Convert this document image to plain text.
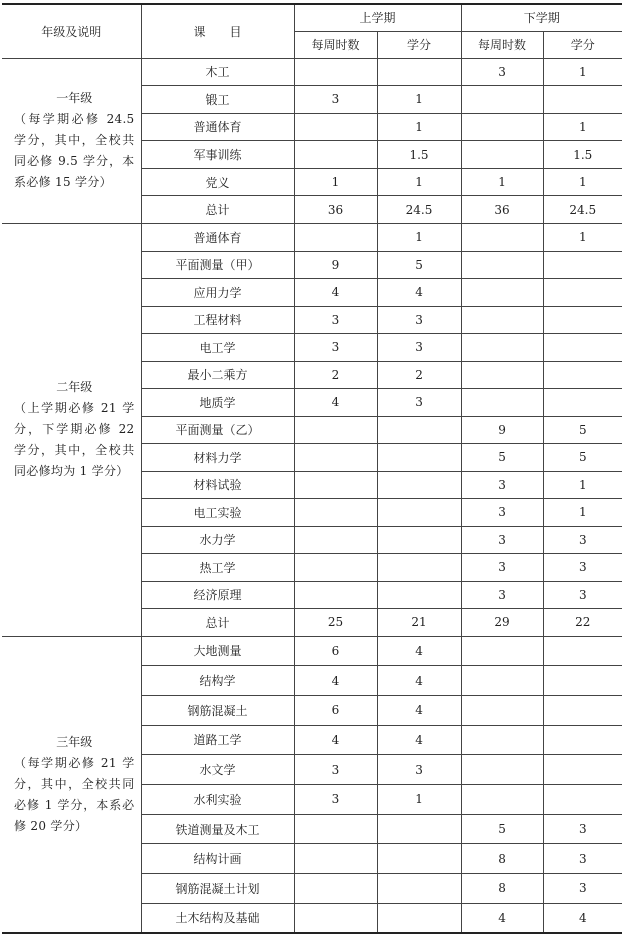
年级及说明	课　　目	上学期		下学期	
		每周时数	学分	每周时数	学分

一年级
（每学期必修 24.5 学分，其中，全校共同必修 9.5 学分，本系必修 15 学分）	木工			3	1
	锻工	3	1		
	普通体育		1		1
	军事训练		1.5		1.5
	党义	1	1	1	1
	总计	36	24.5	36	24.5

二年级
（上学期必修 21 学分，下学期必修 22 学分，其中，全校共同必修均为 1 学分）	普通体育		1		1
	平面测量（甲）	9	5		
	应用力学	4	4		
	工程材料	3	3		
	电工学	3	3		
	最小二乘方	2	2		
	地质学	4	3		
	平面测量（乙）			9	5
	材料力学			5	5
	材料试验			3	1
	电工实验			3	1
	水力学			3	3
	热工学			3	3
	经济原理			3	3
	总计	25	21	29	22

三年级
（每学期必修 21 学分，其中，全校共同必修 1 学分，本系必修 20 学分）	大地测量	6	4		
	结构学	4	4		
	钢筋混凝土	6	4		
	道路工学	4	4		
	水文学	3	3		
	水利实验	3	1		
	铁道测量及木工			5	3
	结构计画			8	3
	钢筋混凝土计划			8	3
	土木结构及基础			4	4
